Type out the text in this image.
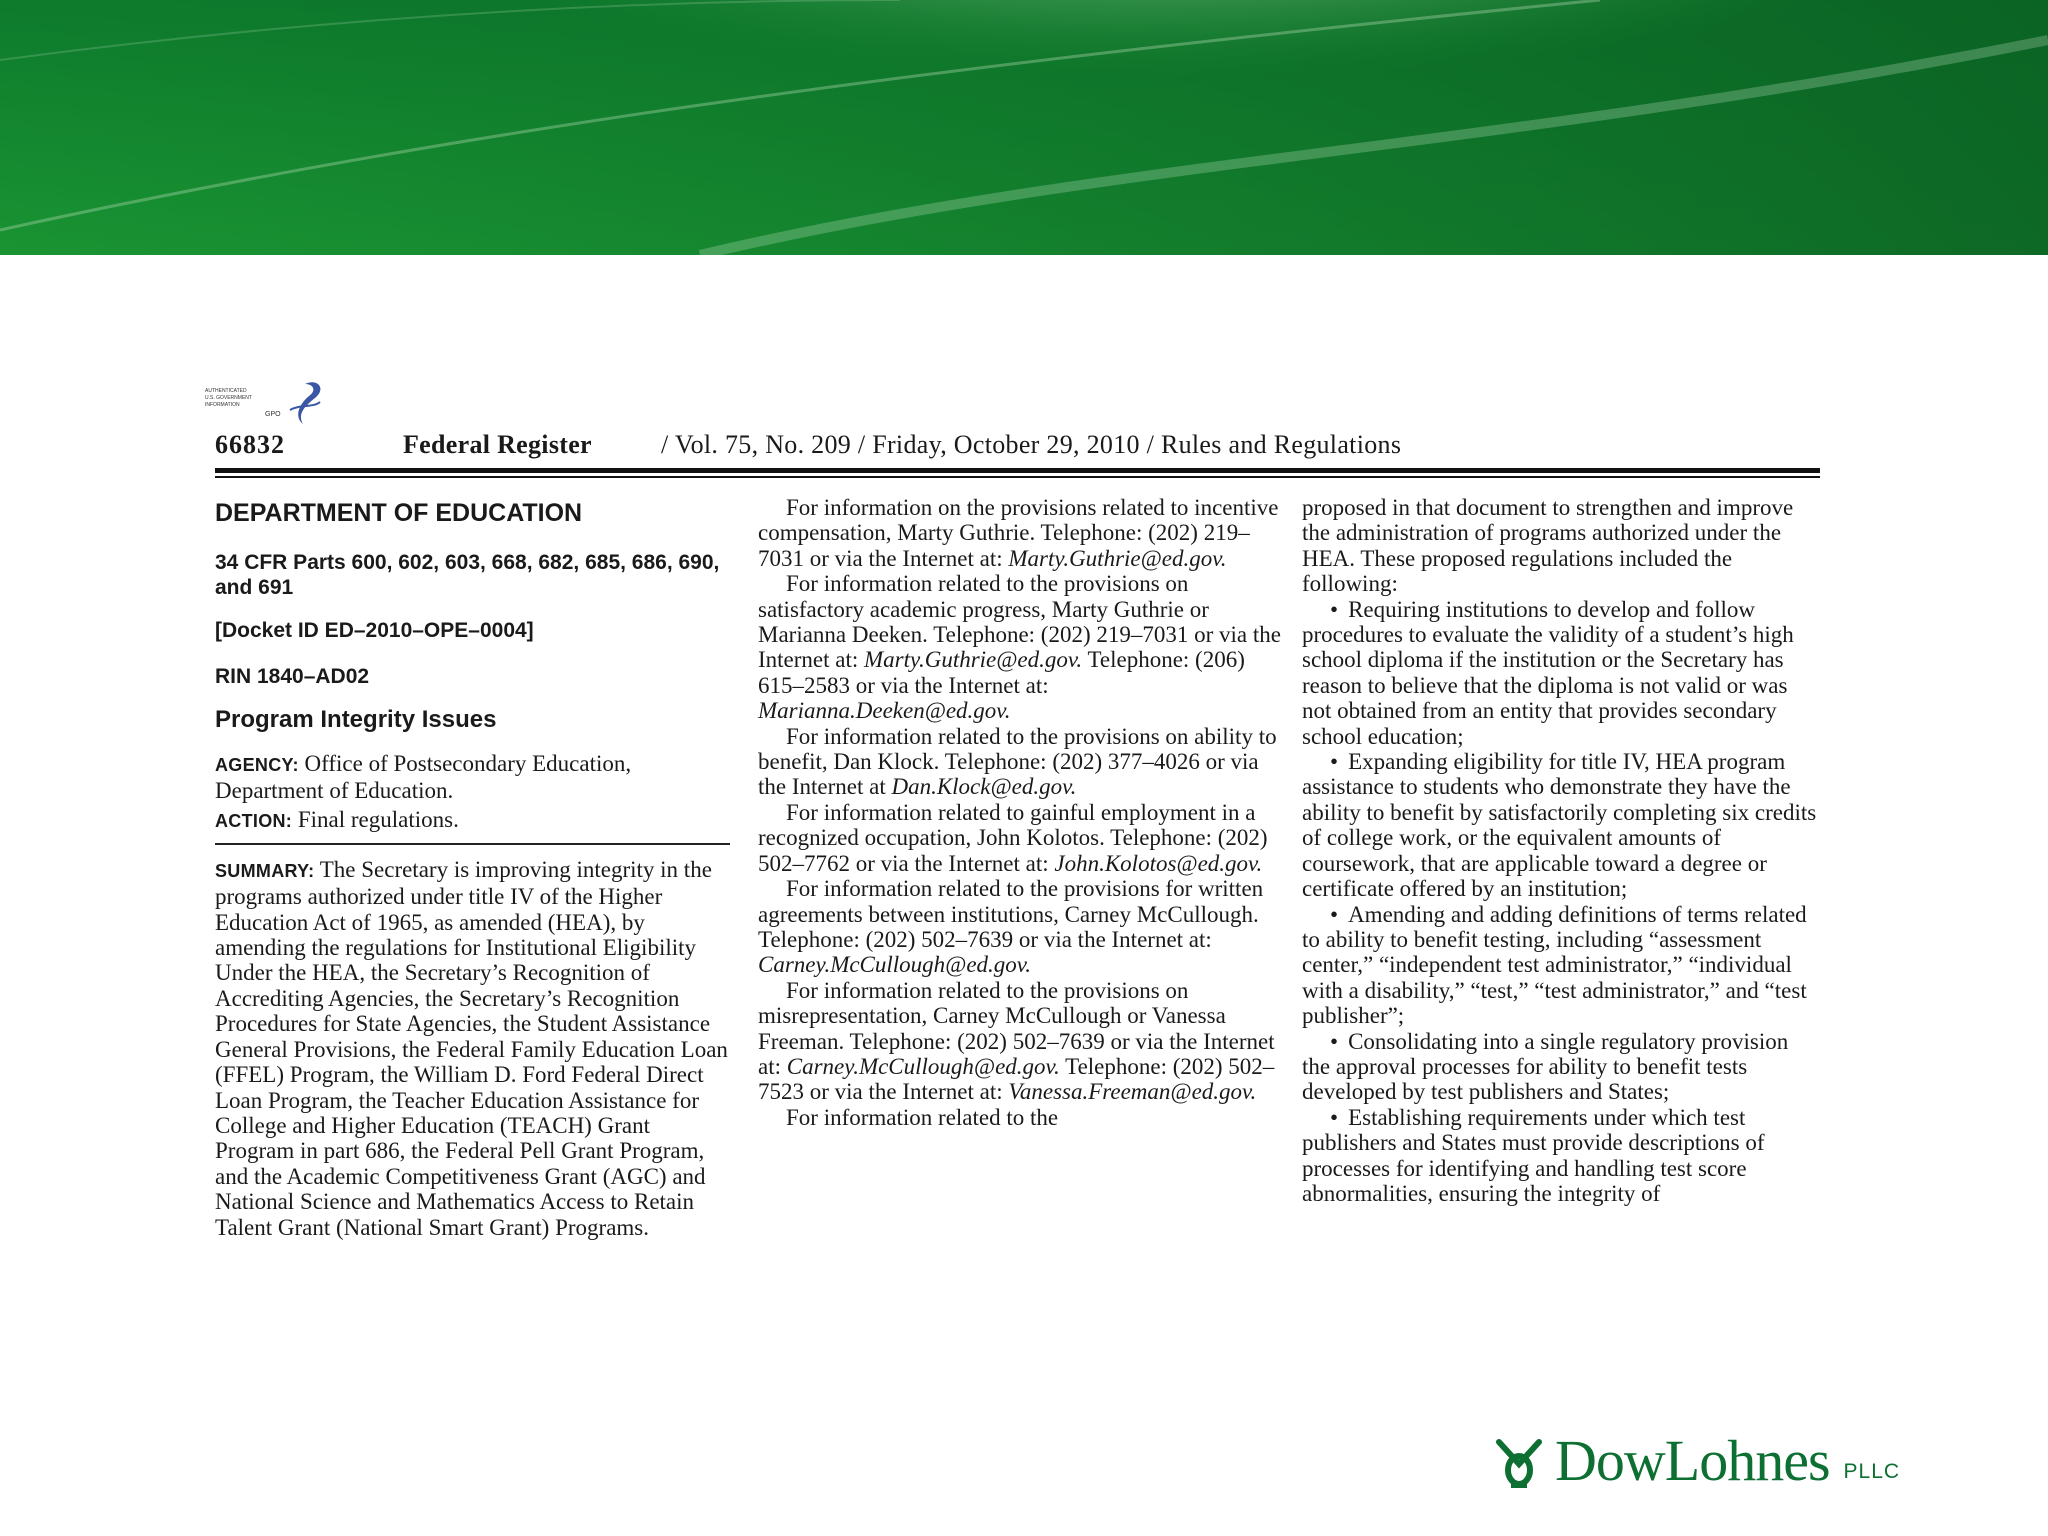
AUTHENTICATED
U.S. GOVERNMENT
INFORMATION
GPO
66832	Federal Register	/ Vol. 75, No. 209 / Friday, October 29, 2010 / Rules and Regulations
DEPARTMENT OF EDUCATION
34 CFR Parts 600, 602, 603, 668, 682, 685, 686, 690, and 691
[Docket ID ED–2010–OPE–0004]
RIN 1840–AD02
Program Integrity Issues
AGENCY: Office of Postsecondary Education, Department of Education.
ACTION: Final regulations.
SUMMARY: The Secretary is improving integrity in the programs authorized under title IV of the Higher Education Act of 1965, as amended (HEA), by amending the regulations for Institutional Eligibility Under the HEA, the Secretary’s Recognition of Accrediting Agencies, the Secretary’s Recognition Procedures for State Agencies, the Student Assistance General Provisions, the Federal Family Education Loan (FFEL) Program, the William D. Ford Federal Direct Loan Program, the Teacher Education Assistance for College and Higher Education (TEACH) Grant Program in part 686, the Federal Pell Grant Program, and the Academic Competitiveness Grant (AGC) and National Science and Mathematics Access to Retain Talent Grant (National Smart Grant) Programs.
For information on the provisions related to incentive compensation, Marty Guthrie. Telephone: (202) 219–7031 or via the Internet at: Marty.Guthrie@ed.gov.
For information related to the provisions on satisfactory academic progress, Marty Guthrie or Marianna Deeken. Telephone: (202) 219–7031 or via the Internet at: Marty.Guthrie@ed.gov. Telephone: (206) 615–2583 or via the Internet at: Marianna.Deeken@ed.gov.
For information related to the provisions on ability to benefit, Dan Klock. Telephone: (202) 377–4026 or via the Internet at Dan.Klock@ed.gov.
For information related to gainful employment in a recognized occupation, John Kolotos. Telephone: (202) 502–7762 or via the Internet at: John.Kolotos@ed.gov.
For information related to the provisions for written agreements between institutions, Carney McCullough. Telephone: (202) 502–7639 or via the Internet at: Carney.McCullough@ed.gov.
For information related to the provisions on misrepresentation, Carney McCullough or Vanessa Freeman. Telephone: (202) 502–7639 or via the Internet at: Carney.McCullough@ed.gov. Telephone: (202) 502–7523 or via the Internet at: Vanessa.Freeman@ed.gov.
For information related to the
proposed in that document to strengthen and improve the administration of programs authorized under the HEA. These proposed regulations included the following:
• Requiring institutions to develop and follow procedures to evaluate the validity of a student’s high school diploma if the institution or the Secretary has reason to believe that the diploma is not valid or was not obtained from an entity that provides secondary school education;
• Expanding eligibility for title IV, HEA program assistance to students who demonstrate they have the ability to benefit by satisfactorily completing six credits of college work, or the equivalent amounts of coursework, that are applicable toward a degree or certificate offered by an institution;
• Amending and adding definitions of terms related to ability to benefit testing, including “assessment center,” “independent test administrator,” “individual with a disability,” “test,” “test administrator,” and “test publisher”;
• Consolidating into a single regulatory provision the approval processes for ability to benefit tests developed by test publishers and States;
• Establishing requirements under which test publishers and States must provide descriptions of processes for identifying and handling test score abnormalities, ensuring the integrity of
DowLohnes PLLC
